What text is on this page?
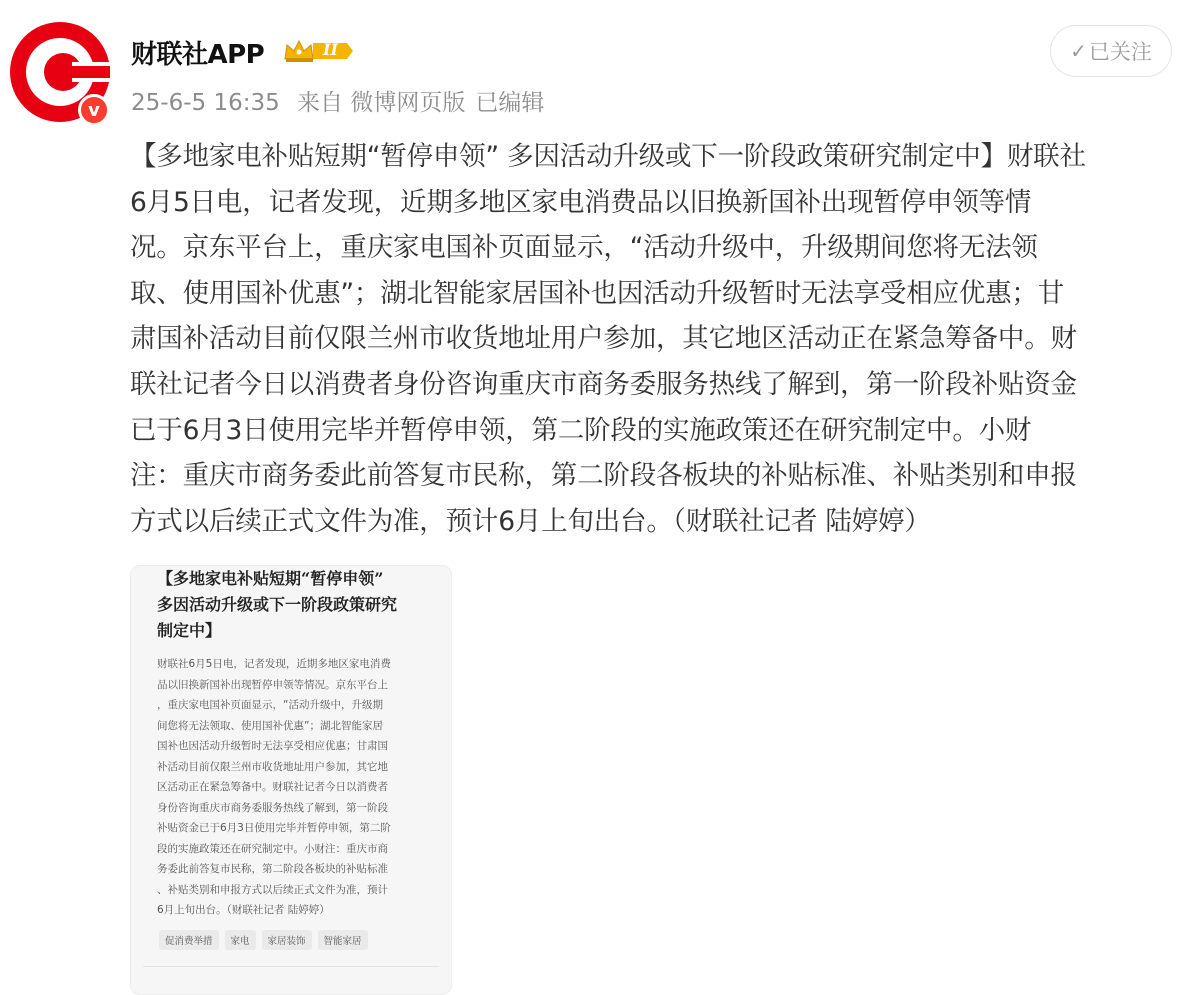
v
财联社APP	II
25-6-5 16:35 来自 微博网页版 已编辑
✓ 已关注
【多地家电补贴短期“暂停申领” 多因活动升级或下一阶段政策研究制定中】财联社
6月5日电，记者发现，近期多地区家电消费品以旧换新国补出现暂停申领等情
况。京东平台上，重庆家电国补页面显示，“活动升级中，升级期间您将无法领
取、使用国补优惠”；湖北智能家居国补也因活动升级暂时无法享受相应优惠；甘
肃国补活动目前仅限兰州市收货地址用户参加，其它地区活动正在紧急筹备中。财
联社记者今日以消费者身份咨询重庆市商务委服务热线了解到，第一阶段补贴资金
已于6月3日使用完毕并暂停申领，第二阶段的实施政策还在研究制定中。小财
注：重庆市商务委此前答复市民称，第二阶段各板块的补贴标准、补贴类别和申报
方式以后续正式文件为准，预计6月上旬出台。（财联社记者 陆婷婷）
【多地家电补贴短期“暂停申领”
多因活动升级或下一阶段政策研究
制定中】
财联社6月5日电，记者发现，近期多地区家电消费
品以旧换新国补出现暂停申领等情况。京东平台上
，重庆家电国补页面显示，“活动升级中，升级期
间您将无法领取、使用国补优惠”；湖北智能家居
国补也因活动升级暂时无法享受相应优惠；甘肃国
补活动目前仅限兰州市收货地址用户参加，其它地
区活动正在紧急筹备中。财联社记者今日以消费者
身份咨询重庆市商务委服务热线了解到，第一阶段
补贴资金已于6月3日使用完毕并暂停申领，第二阶
段的实施政策还在研究制定中。小财注：重庆市商
务委此前答复市民称，第二阶段各板块的补贴标准
、补贴类别和申报方式以后续正式文件为准，预计
6月上旬出台。（财联社记者 陆婷婷）
促消费举措	家电	家居装饰	智能家居
